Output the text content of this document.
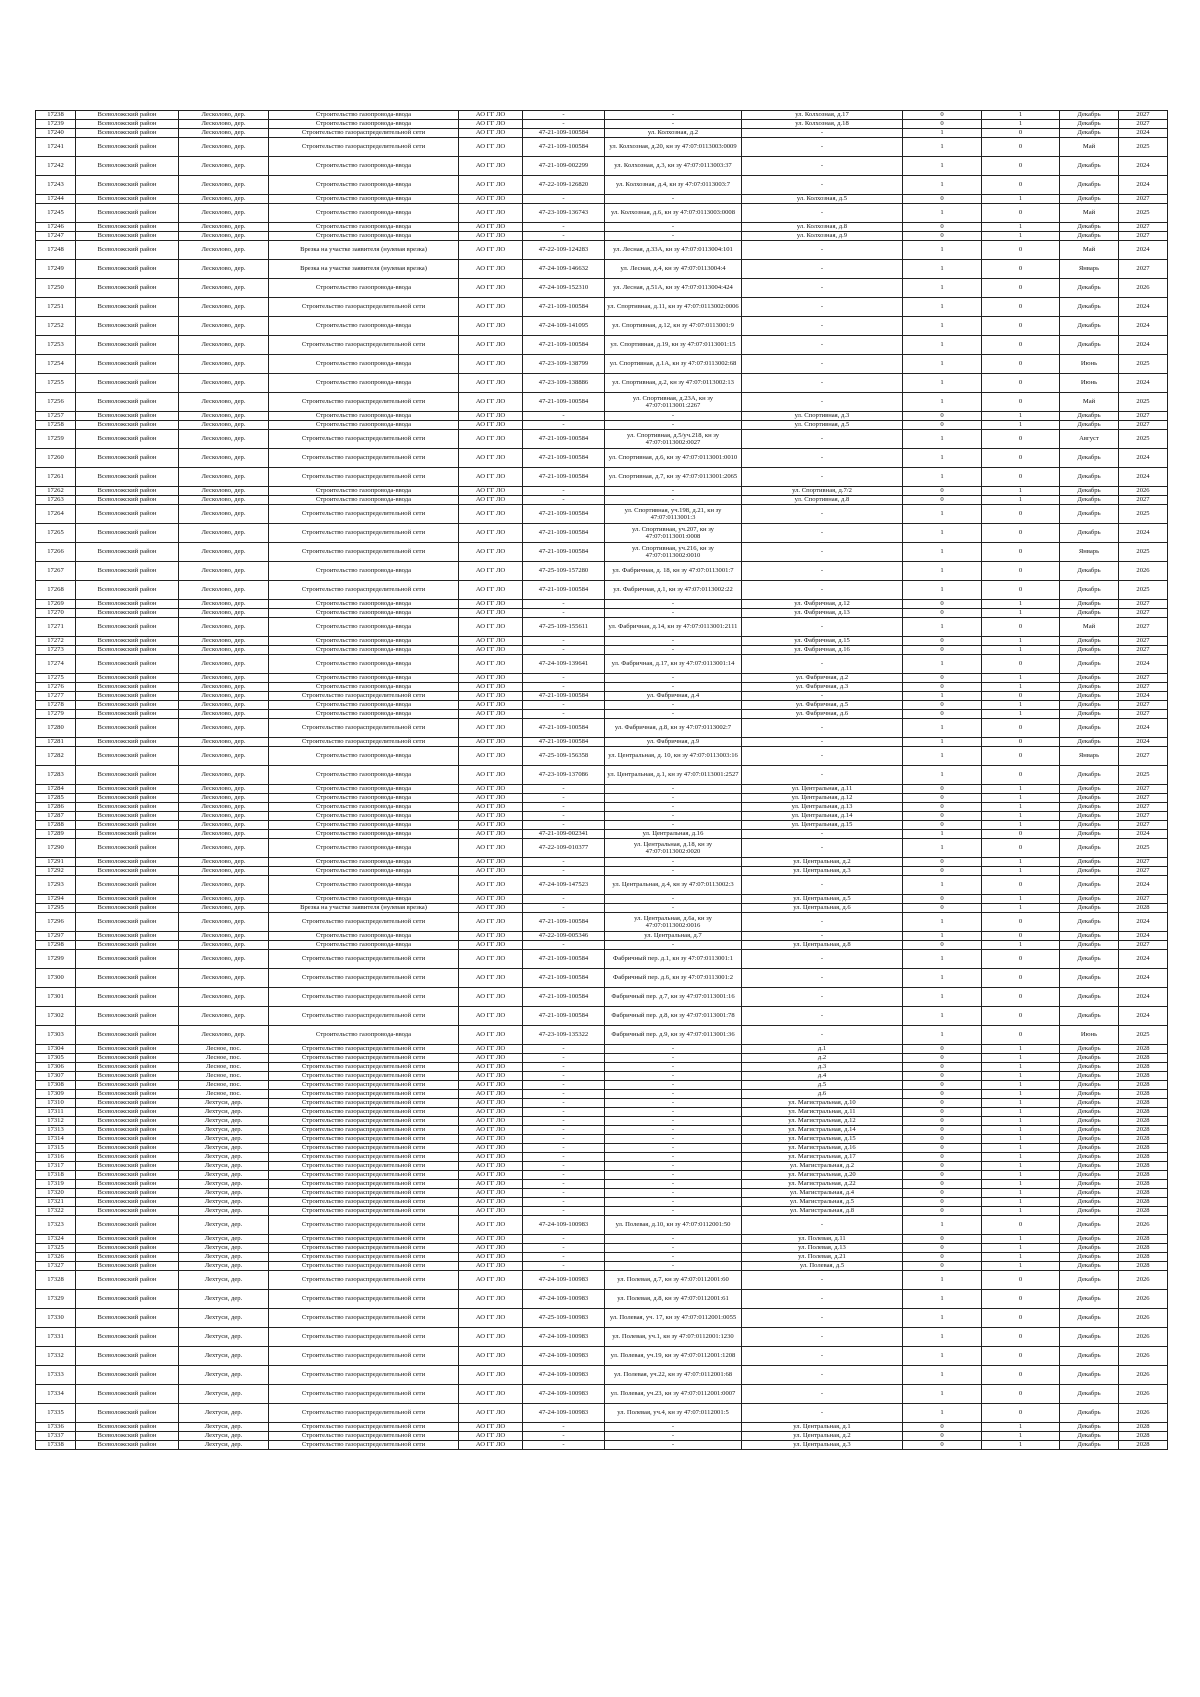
17238	Всеволожский район	Лесколово, дер.	Строительство газопровода-ввода	АО ГГ ЛО	-	-	ул. Колхозная, д.17	0	1	Декабрь	2027
17239	Всеволожский район	Лесколово, дер.	Строительство газопровода-ввода	АО ГГ ЛО	-	-	ул. Колхозная, д.18	0	1	Декабрь	2027
17240	Всеволожский район	Лесколово, дер.	Строительство газораспределительной сети	АО ГГ ЛО	47-21-109-100584	ул. Колхозная, д.2	-	1	0	Декабрь	2024
17241	Всеволожский район	Лесколово, дер.	Строительство газораспределительной сети	АО ГГ ЛО	47-21-109-100584	ул. Колхозная, д.20, кн зу 47:07:0113003:0009	-	1	0	Май	2025
17242	Всеволожский район	Лесколово, дер.	Строительство газопровода-ввода	АО ГГ ЛО	47-21-109-002299	ул. Колхозная, д.3, кн зу 47:07:0113003:37	-	1	0	Декабрь	2024
17243	Всеволожский район	Лесколово, дер.	Строительство газопровода-ввода	АО ГГ ЛО	47-22-109-126820	ул. Колхозная, д.4, кн зу 47:07:0113003:7	-	1	0	Декабрь	2024
17244	Всеволожский район	Лесколово, дер.	Строительство газопровода-ввода	АО ГГ ЛО	-	-	ул. Колхозная, д.5	0	1	Декабрь	2027
17245	Всеволожский район	Лесколово, дер.	Строительство газопровода-ввода	АО ГГ ЛО	47-23-109-136743	ул. Колхозная, д.6, кн зу 47:07:0113003:0008	-	1	0	Май	2025
17246	Всеволожский район	Лесколово, дер.	Строительство газопровода-ввода	АО ГГ ЛО	-	-	ул. Колхозная, д.8	0	1	Декабрь	2027
17247	Всеволожский район	Лесколово, дер.	Строительство газопровода-ввода	АО ГГ ЛО	-	-	ул. Колхозная, д.9	0	1	Декабрь	2027
17248	Всеволожский район	Лесколово, дер.	Врезка на участке заявителя (нулевая врезка)	АО ГГ ЛО	47-22-109-124283	ул. Лесная, д.33А, кн зу 47:07:0113004:101	-	1	0	Май	2024
17249	Всеволожский район	Лесколово, дер.	Врезка на участке заявителя (нулевая врезка)	АО ГГ ЛО	47-24-109-146632	ул. Лесная, д.4, кн зу 47:07:0113004:4	-	1	0	Январь	2027
17250	Всеволожский район	Лесколово, дер.	Строительство газопровода-ввода	АО ГГ ЛО	47-24-109-152310	ул. Лесная, д.51А, кн зу 47:07:0113004:424	-	1	0	Декабрь	2026
17251	Всеволожский район	Лесколово, дер.	Строительство газораспределительной сети	АО ГГ ЛО	47-21-109-100584	ул. Спортивная, д.11, кн зу 47:07:0113002:0006	-	1	0	Декабрь	2024
17252	Всеволожский район	Лесколово, дер.	Строительство газопровода-ввода	АО ГГ ЛО	47-24-109-141095	ул. Спортивная, д.12, кн зу 47:07:0113001:9	-	1	0	Декабрь	2024
17253	Всеволожский район	Лесколово, дер.	Строительство газораспределительной сети	АО ГГ ЛО	47-21-109-100584	ул. Спортивная, д.19, кн зу 47:07:0113001:15	-	1	0	Декабрь	2024
17254	Всеволожский район	Лесколово, дер.	Строительство газопровода-ввода	АО ГГ ЛО	47-23-109-138799	ул. Спортивная, д.1А, кн зу 47:07:0113002:68	-	1	0	Июнь	2025
17255	Всеволожский район	Лесколово, дер.	Строительство газопровода-ввода	АО ГГ ЛО	47-23-109-138886	ул. Спортивная, д.2, кн зу 47:07:0113002:13	-	1	0	Июнь	2024
17256	Всеволожский район	Лесколово, дер.	Строительство газораспределительной сети	АО ГГ ЛО	47-21-109-100584	ул. Спортивная, д.23А, кн зу 47:07:0113001:2267	-	1	0	Май	2025
17257	Всеволожский район	Лесколово, дер.	Строительство газопровода-ввода	АО ГГ ЛО	-	-	ул. Спортивная, д.3	0	1	Декабрь	2027
17258	Всеволожский район	Лесколово, дер.	Строительство газопровода-ввода	АО ГГ ЛО	-	-	ул. Спортивная, д.5	0	1	Декабрь	2027
17259	Всеволожский район	Лесколово, дер.	Строительство газораспределительной сети	АО ГГ ЛО	47-21-109-100584	ул. Спортивная, д.5/уч.218, кн зу 47:07:0113002:0027	-	1	0	Август	2025
17260	Всеволожский район	Лесколово, дер.	Строительство газораспределительной сети	АО ГГ ЛО	47-21-109-100584	ул. Спортивная, д.6, кн зу 47:07:0113001:0010	-	1	0	Декабрь	2024
17261	Всеволожский район	Лесколово, дер.	Строительство газораспределительной сети	АО ГГ ЛО	47-21-109-100584	ул. Спортивная, д.7, кн зу 47:07:0113001:2065	-	1	0	Декабрь	2024
17262	Всеволожский район	Лесколово, дер.	Строительство газопровода-ввода	АО ГГ ЛО	-	-	ул. Спортивная, д.7/2	0	1	Декабрь	2026
17263	Всеволожский район	Лесколово, дер.	Строительство газопровода-ввода	АО ГГ ЛО	-	-	ул. Спортивная, д.8	0	1	Декабрь	2027
17264	Всеволожский район	Лесколово, дер.	Строительство газораспределительной сети	АО ГГ ЛО	47-21-109-100584	ул. Спортивная, уч.198, д.21, кн зу 47:07:0113001:3	-	1	0	Декабрь	2025
17265	Всеволожский район	Лесколово, дер.	Строительство газораспределительной сети	АО ГГ ЛО	47-21-109-100584	ул. Спортивная, уч.207, кн зу 47:07:0113001:0008	-	1	0	Декабрь	2024
17266	Всеволожский район	Лесколово, дер.	Строительство газораспределительной сети	АО ГГ ЛО	47-21-109-100584	ул. Спортивная, уч.216, кн зу 47:07:0113002:0010	-	1	0	Январь	2025
17267	Всеволожский район	Лесколово, дер.	Строительство газопровода-ввода	АО ГГ ЛО	47-25-109-157280	ул. Фабричная, д. 18, кн зу 47:07:0113001:7	-	1	0	Декабрь	2026
17268	Всеволожский район	Лесколово, дер.	Строительство газораспределительной сети	АО ГГ ЛО	47-21-109-100584	ул. Фабричная, д.1, кн зу 47:07:0113002:22	-	1	0	Декабрь	2025
17269	Всеволожский район	Лесколово, дер.	Строительство газопровода-ввода	АО ГГ ЛО	-	-	ул. Фабричная, д.12	0	1	Декабрь	2027
17270	Всеволожский район	Лесколово, дер.	Строительство газопровода-ввода	АО ГГ ЛО	-	-	ул. Фабричная, д.13	0	1	Декабрь	2027
17271	Всеволожский район	Лесколово, дер.	Строительство газопровода-ввода	АО ГГ ЛО	47-25-109-155611	ул. Фабричная, д.14, кн зу 47:07:0113001:2111	-	1	0	Май	2027
17272	Всеволожский район	Лесколово, дер.	Строительство газопровода-ввода	АО ГГ ЛО	-	-	ул. Фабричная, д.15	0	1	Декабрь	2027
17273	Всеволожский район	Лесколово, дер.	Строительство газопровода-ввода	АО ГГ ЛО	-	-	ул. Фабричная, д.16	0	1	Декабрь	2027
17274	Всеволожский район	Лесколово, дер.	Строительство газопровода-ввода	АО ГГ ЛО	47-24-109-139641	ул. Фабричная, д.17, кн зу 47:07:0113001:14	-	1	0	Декабрь	2024
17275	Всеволожский район	Лесколово, дер.	Строительство газопровода-ввода	АО ГГ ЛО	-	-	ул. Фабричная, д.2	0	1	Декабрь	2027
17276	Всеволожский район	Лесколово, дер.	Строительство газопровода-ввода	АО ГГ ЛО	-	-	ул. Фабричная, д.3	0	1	Декабрь	2027
17277	Всеволожский район	Лесколово, дер.	Строительство газораспределительной сети	АО ГГ ЛО	47-21-109-100584	ул. Фабричная, д.4	-	1	0	Декабрь	2024
17278	Всеволожский район	Лесколово, дер.	Строительство газопровода-ввода	АО ГГ ЛО	-	-	ул. Фабричная, д.5	0	1	Декабрь	2027
17279	Всеволожский район	Лесколово, дер.	Строительство газопровода-ввода	АО ГГ ЛО	-	-	ул. Фабричная, д.6	0	1	Декабрь	2027
17280	Всеволожский район	Лесколово, дер.	Строительство газораспределительной сети	АО ГГ ЛО	47-21-109-100584	ул. Фабричная, д.8, кн зу 47:07:0113002:7	-	1	0	Декабрь	2024
17281	Всеволожский район	Лесколово, дер.	Строительство газораспределительной сети	АО ГГ ЛО	47-21-109-100584	ул. Фабричная, д.9	-	1	0	Декабрь	2024
17282	Всеволожский район	Лесколово, дер.	Строительство газопровода-ввода	АО ГГ ЛО	47-25-109-156358	ул. Центральная, д. 10, кн зу 47:07:0113003:16	-	1	0	Январь	2027
17283	Всеволожский район	Лесколово, дер.	Строительство газопровода-ввода	АО ГГ ЛО	47-23-109-137086	ул. Центральная, д.1, кн зу 47:07:0113001:2527	-	1	0	Декабрь	2025
17284	Всеволожский район	Лесколово, дер.	Строительство газопровода-ввода	АО ГГ ЛО	-	-	ул. Центральная, д.11	0	1	Декабрь	2027
17285	Всеволожский район	Лесколово, дер.	Строительство газопровода-ввода	АО ГГ ЛО	-	-	ул. Центральная, д.12	0	1	Декабрь	2027
17286	Всеволожский район	Лесколово, дер.	Строительство газопровода-ввода	АО ГГ ЛО	-	-	ул. Центральная, д.13	0	1	Декабрь	2027
17287	Всеволожский район	Лесколово, дер.	Строительство газопровода-ввода	АО ГГ ЛО	-	-	ул. Центральная, д.14	0	1	Декабрь	2027
17288	Всеволожский район	Лесколово, дер.	Строительство газопровода-ввода	АО ГГ ЛО	-	-	ул. Центральная, д.15	0	1	Декабрь	2027
17289	Всеволожский район	Лесколово, дер.	Строительство газопровода-ввода	АО ГГ ЛО	47-21-109-002341	ул. Центральная, д.16	-	1	0	Декабрь	2024
17290	Всеволожский район	Лесколово, дер.	Строительство газопровода-ввода	АО ГГ ЛО	47-22-109-010377	ул. Центральная, д.18, кн зу 47:07:0113002:0020	-	1	0	Декабрь	2025
17291	Всеволожский район	Лесколово, дер.	Строительство газопровода-ввода	АО ГГ ЛО	-	-	ул. Центральная, д.2	0	1	Декабрь	2027
17292	Всеволожский район	Лесколово, дер.	Строительство газопровода-ввода	АО ГГ ЛО	-	-	ул. Центральная, д.3	0	1	Декабрь	2027
17293	Всеволожский район	Лесколово, дер.	Строительство газопровода-ввода	АО ГГ ЛО	47-24-109-147523	ул. Центральная, д.4, кн зу 47:07:0113002:3	-	1	0	Декабрь	2024
17294	Всеволожский район	Лесколово, дер.	Строительство газопровода-ввода	АО ГГ ЛО	-	-	ул. Центральная, д.5	0	1	Декабрь	2027
17295	Всеволожский район	Лесколово, дер.	Врезка на участке заявителя (нулевая врезка)	АО ГГ ЛО	-	-	ул. Центральная, д.6	0	1	Декабрь	2028
17296	Всеволожский район	Лесколово, дер.	Строительство газораспределительной сети	АО ГГ ЛО	47-21-109-100584	ул. Центральная, д.6а, кн зу 47:07:0113002:0016	-	1	0	Декабрь	2024
17297	Всеволожский район	Лесколово, дер.	Строительство газопровода-ввода	АО ГГ ЛО	47-22-109-005346	ул. Центральная, д.7	-	1	0	Декабрь	2024
17298	Всеволожский район	Лесколово, дер.	Строительство газопровода-ввода	АО ГГ ЛО	-	-	ул. Центральная, д.8	0	1	Декабрь	2027
17299	Всеволожский район	Лесколово, дер.	Строительство газораспределительной сети	АО ГГ ЛО	47-21-109-100584	Фабричный пер. д.1, кн зу 47:07:0113001:1	-	1	0	Декабрь	2024
17300	Всеволожский район	Лесколово, дер.	Строительство газораспределительной сети	АО ГГ ЛО	47-21-109-100584	Фабричный пер. д.6, кн зу 47:07:0113001:2	-	1	0	Декабрь	2024
17301	Всеволожский район	Лесколово, дер.	Строительство газораспределительной сети	АО ГГ ЛО	47-21-109-100584	Фабричный пер. д.7, кн зу 47:07:0113001:16	-	1	0	Декабрь	2024
17302	Всеволожский район	Лесколово, дер.	Строительство газораспределительной сети	АО ГГ ЛО	47-21-109-100584	Фабричный пер. д.8, кн зу 47:07:0113001:78	-	1	0	Декабрь	2024
17303	Всеволожский район	Лесколово, дер.	Строительство газопровода-ввода	АО ГГ ЛО	47-23-109-135322	Фабричный пер. д.9, кн зу 47:07:0113001:36	-	1	0	Июнь	2025
17304	Всеволожский район	Лесное, пос.	Строительство газораспределительной сети	АО ГГ ЛО	-	-	д.1	0	1	Декабрь	2028
17305	Всеволожский район	Лесное, пос.	Строительство газораспределительной сети	АО ГГ ЛО	-	-	д.2	0	1	Декабрь	2028
17306	Всеволожский район	Лесное, пос.	Строительство газораспределительной сети	АО ГГ ЛО	-	-	д.3	0	1	Декабрь	2028
17307	Всеволожский район	Лесное, пос.	Строительство газораспределительной сети	АО ГГ ЛО	-	-	д.4	0	1	Декабрь	2028
17308	Всеволожский район	Лесное, пос.	Строительство газораспределительной сети	АО ГГ ЛО	-	-	д.5	0	1	Декабрь	2028
17309	Всеволожский район	Лесное, пос.	Строительство газораспределительной сети	АО ГГ ЛО	-	-	д.6	0	1	Декабрь	2028
17310	Всеволожский район	Лехтуси, дер.	Строительство газораспределительной сети	АО ГГ ЛО	-	-	ул. Магистральная, д.10	0	1	Декабрь	2028
17311	Всеволожский район	Лехтуси, дер.	Строительство газораспределительной сети	АО ГГ ЛО	-	-	ул. Магистральная, д.11	0	1	Декабрь	2028
17312	Всеволожский район	Лехтуси, дер.	Строительство газораспределительной сети	АО ГГ ЛО	-	-	ул. Магистральная, д.12	0	1	Декабрь	2028
17313	Всеволожский район	Лехтуси, дер.	Строительство газораспределительной сети	АО ГГ ЛО	-	-	ул. Магистральная, д.14	0	1	Декабрь	2028
17314	Всеволожский район	Лехтуси, дер.	Строительство газораспределительной сети	АО ГГ ЛО	-	-	ул. Магистральная, д.15	0	1	Декабрь	2028
17315	Всеволожский район	Лехтуси, дер.	Строительство газораспределительной сети	АО ГГ ЛО	-	-	ул. Магистральная, д.16	0	1	Декабрь	2028
17316	Всеволожский район	Лехтуси, дер.	Строительство газораспределительной сети	АО ГГ ЛО	-	-	ул. Магистральная, д.17	0	1	Декабрь	2028
17317	Всеволожский район	Лехтуси, дер.	Строительство газораспределительной сети	АО ГГ ЛО	-	-	ул. Магистральная, д.2	0	1	Декабрь	2028
17318	Всеволожский район	Лехтуси, дер.	Строительство газораспределительной сети	АО ГГ ЛО	-	-	ул. Магистральная, д.20	0	1	Декабрь	2028
17319	Всеволожский район	Лехтуси, дер.	Строительство газораспределительной сети	АО ГГ ЛО	-	-	ул. Магистральная, д.22	0	1	Декабрь	2028
17320	Всеволожский район	Лехтуси, дер.	Строительство газораспределительной сети	АО ГГ ЛО	-	-	ул. Магистральная, д.4	0	1	Декабрь	2028
17321	Всеволожский район	Лехтуси, дер.	Строительство газораспределительной сети	АО ГГ ЛО	-	-	ул. Магистральная, д.5	0	1	Декабрь	2028
17322	Всеволожский район	Лехтуси, дер.	Строительство газораспределительной сети	АО ГГ ЛО	-	-	ул. Магистральная, д.8	0	1	Декабрь	2028
17323	Всеволожский район	Лехтуси, дер.	Строительство газораспределительной сети	АО ГГ ЛО	47-24-109-100983	ул. Полевая, д.10, кн зу 47:07:0112001:50	-	1	0	Декабрь	2026
17324	Всеволожский район	Лехтуси, дер.	Строительство газораспределительной сети	АО ГГ ЛО	-	-	ул. Полевая, д.11	0	1	Декабрь	2028
17325	Всеволожский район	Лехтуси, дер.	Строительство газораспределительной сети	АО ГГ ЛО	-	-	ул. Полевая, д.13	0	1	Декабрь	2028
17326	Всеволожский район	Лехтуси, дер.	Строительство газораспределительной сети	АО ГГ ЛО	-	-	ул. Полевая, д.21	0	1	Декабрь	2028
17327	Всеволожский район	Лехтуси, дер.	Строительство газораспределительной сети	АО ГГ ЛО	-	-	ул. Полевая, д.5	0	1	Декабрь	2028
17328	Всеволожский район	Лехтуси, дер.	Строительство газораспределительной сети	АО ГГ ЛО	47-24-109-100983	ул. Полевая, д.7, кн зу 47:07:0112001:60	-	1	0	Декабрь	2026
17329	Всеволожский район	Лехтуси, дер.	Строительство газораспределительной сети	АО ГГ ЛО	47-24-109-100983	ул. Полевая, д.8, кн зу 47:07:0112001:61	-	1	0	Декабрь	2026
17330	Всеволожский район	Лехтуси, дер.	Строительство газораспределительной сети	АО ГГ ЛО	47-25-109-100983	ул. Полевая, уч. 17, кн зу 47:07:0112001:0055	-	1	0	Декабрь	2026
17331	Всеволожский район	Лехтуси, дер.	Строительство газораспределительной сети	АО ГГ ЛО	47-24-109-100983	ул. Полевая, уч.1, кн зу 47:07:0112001:1230	-	1	0	Декабрь	2026
17332	Всеволожский район	Лехтуси, дер.	Строительство газораспределительной сети	АО ГГ ЛО	47-24-109-100983	ул. Полевая, уч.19, кн зу 47:07:0112001:1208	-	1	0	Декабрь	2026
17333	Всеволожский район	Лехтуси, дер.	Строительство газораспределительной сети	АО ГГ ЛО	47-24-109-100983	ул. Полевая, уч.22, кн зу 47:07:0112001:68	-	1	0	Декабрь	2026
17334	Всеволожский район	Лехтуси, дер.	Строительство газораспределительной сети	АО ГГ ЛО	47-24-109-100983	ул. Полевая, уч.23, кн зу 47:07:0112001:0007	-	1	0	Декабрь	2026
17335	Всеволожский район	Лехтуси, дер.	Строительство газораспределительной сети	АО ГГ ЛО	47-24-109-100983	ул. Полевая, уч.4, кн зу 47:07:0112001:5	-	1	0	Декабрь	2026
17336	Всеволожский район	Лехтуси, дер.	Строительство газораспределительной сети	АО ГГ ЛО	-	-	ул. Центральная, д.1	0	1	Декабрь	2028
17337	Всеволожский район	Лехтуси, дер.	Строительство газораспределительной сети	АО ГГ ЛО	-	-	ул. Центральная, д.2	0	1	Декабрь	2028
17338	Всеволожский район	Лехтуси, дер.	Строительство газораспределительной сети	АО ГГ ЛО	-	-	ул. Центральная, д.3	0	1	Декабрь	2028
